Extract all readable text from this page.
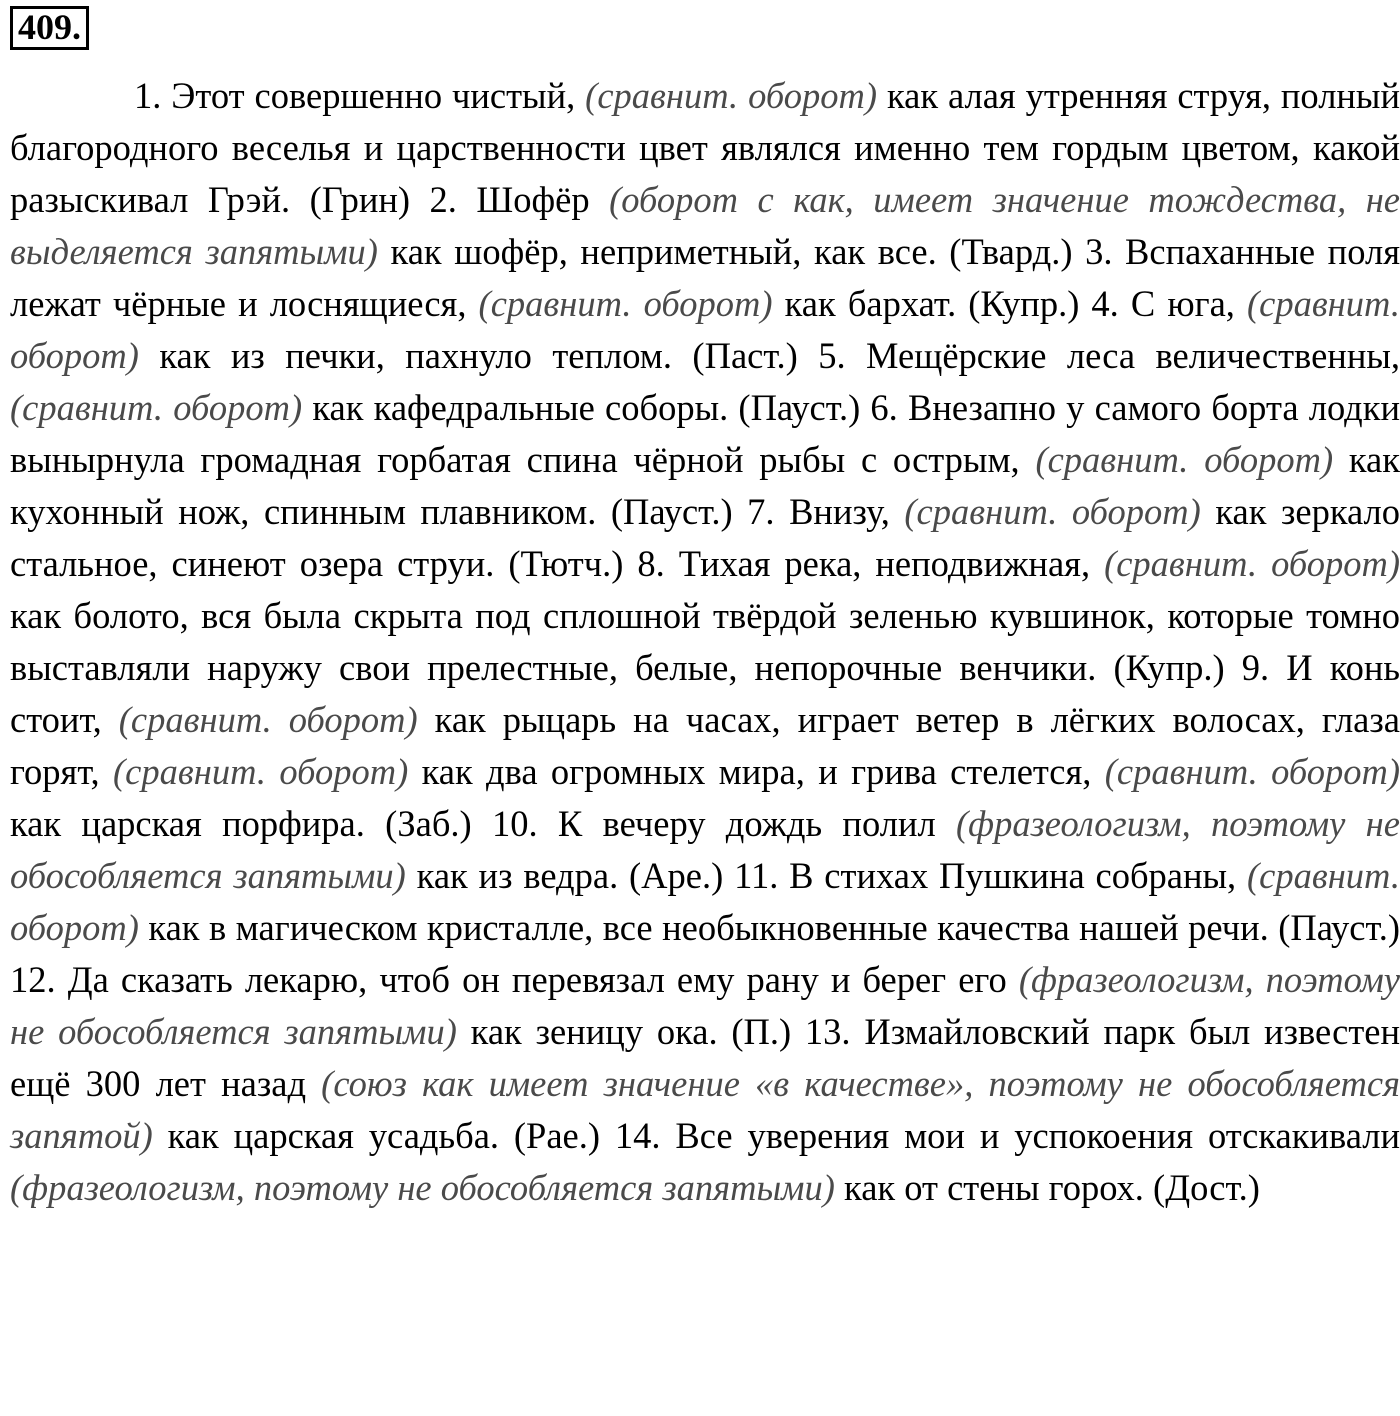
409.

1. Этот совершенно чистый, (сравнит. оборот) как алая утренняя струя, полный благородного веселья и царственности цвет являлся именно тем гордым цветом, какой разыскивал Грэй. (Грин) 2. Шофёр (оборот с как, имеет значение тождества, не выделяется запятыми) как шофёр, неприметный, как все. (Твард.) 3. Вспаханные поля лежат чёрные и лоснящиеся, (сравнит. оборот) как бархат. (Купр.) 4. С юга, (сравнит. оборот) как из печки, пахнуло теплом. (Паст.) 5. Мещёрские леса величественны, (сравнит. оборот) как кафедральные соборы. (Пауст.) 6. Внезапно у самого борта лодки вынырнула громадная горбатая спина чёрной рыбы с острым, (сравнит. оборот) как кухонный нож, спинным плавником. (Пауст.) 7. Внизу, (сравнит. оборот) как зеркало стальное, синеют озера струи. (Тютч.) 8. Тихая река, неподвижная, (сравнит. оборот) как болото, вся была скрыта под сплошной твёрдой зеленью кувшинок, которые томно выставляли наружу свои прелестные, белые, непорочные венчики. (Купр.) 9. И конь стоит, (сравнит. оборот) как рыцарь на часах, играет ветер в лёгких волосах, глаза горят, (сравнит. оборот) как два огромных мира, и грива стелется, (сравнит. оборот) как царская порфира. (Заб.) 10. К вечеру дождь полил (фразеологизм, поэтому не обособляется запятыми) как из ведра. (Аре.) 11. В стихах Пушкина собраны, (сравнит. оборот) как в магическом кристалле, все необыкновенные качества нашей речи. (Пауст.) 12. Да сказать лекарю, чтоб он перевязал ему рану и берег его (фразеологизм, поэтому не обособляется запятыми) как зеницу ока. (П.) 13. Измайловский парк был известен ещё 300 лет назад (союз как имеет значение «в качестве», поэтому не обособляется запятой) как царская усадьба. (Рае.) 14. Все уверения мои и успокоения отскакивали (фразеологизм, поэтому не обособляется запятыми) как от стены горох. (Дост.)
